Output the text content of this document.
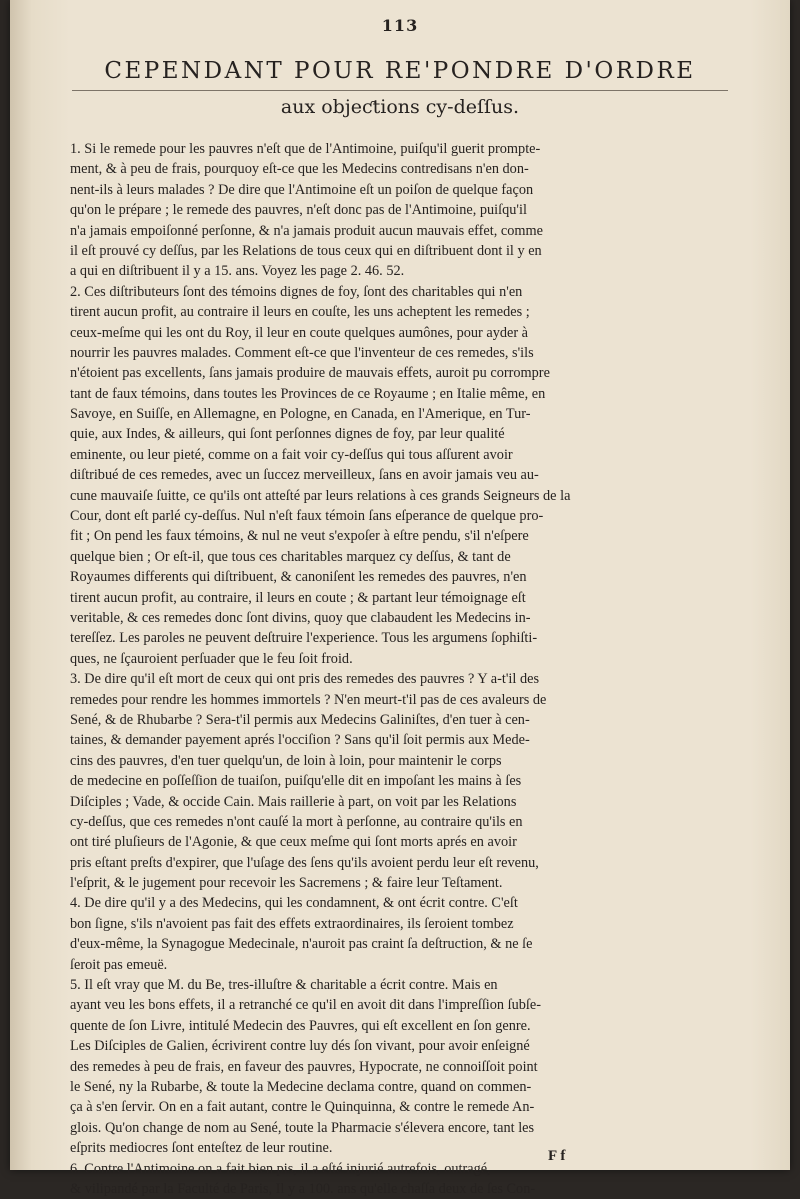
113
CEPENDANT POUR RE'PONDRE D'ORDRE
aux objeƈtions cy-deſſus.
1. Si le remede pour les pauvres n'eſt que de l'Antimoine, puiſqu'il guerit prompte-
ment, & à peu de frais, pourquoy eſt-ce que les Medecins contredisans n'en don-
nent-ils à leurs malades ? De dire que l'Antimoine eſt un poiſon de quelque façon
qu'on le prépare ; le remede des pauvres, n'eſt donc pas de l'Antimoine, puiſqu'il
n'a jamais empoiſonné perſonne, & n'a jamais produit aucun mauvais effet, comme
il eſt prouvé cy deſſus, par les Relations de tous ceux qui en diſtribuent dont il y en
a qui en diſtribuent il y a 15. ans. Voyez les page 2. 46. 52.
2. Ces diſtributeurs ſont des témoins dignes de foy, ſont des charitables qui n'en
tirent aucun profit, au contraire il leurs en couſte, les uns acheptent les remedes ;
ceux-meſme qui les ont du Roy, il leur en coute quelques aumônes, pour ayder à
nourrir les pauvres malades. Comment eſt-ce que l'inventeur de ces remedes, s'ils
n'étoient pas excellents, ſans jamais produire de mauvais effets, auroit pu corrompre
tant de faux témoins, dans toutes les Provinces de ce Royaume ; en Italie même, en
Savoye, en Suiſſe, en Allemagne, en Pologne, en Canada, en l'Amerique, en Tur-
quie, aux Indes, & ailleurs, qui ſont perſonnes dignes de foy, par leur qualité
eminente, ou leur pieté, comme on a fait voir cy-deſſus qui tous aſſurent avoir
diſtribué de ces remedes, avec un ſuccez merveilleux, ſans en avoir jamais veu au-
cune mauvaiſe ſuitte, ce qu'ils ont atteſté par leurs relations à ces grands Seigneurs de la
Cour, dont eſt parlé cy-deſſus. Nul n'eſt faux témoin ſans eſperance de quelque pro-
fit ; On pend les faux témoins, & nul ne veut s'expoſer à eſtre pendu, s'il n'eſpere
quelque bien ; Or eſt-il, que tous ces charitables marquez cy deſſus, & tant de
Royaumes differents qui diſtribuent, & canoniſent les remedes des pauvres, n'en
tirent aucun profit, au contraire, il leurs en coute ; & partant leur témoignage eſt
veritable, & ces remedes donc ſont divins, quoy que clabaudent les Medecins in-
tereſſez. Les paroles ne peuvent deſtruire l'experience. Tous les argumens ſophiſti-
ques, ne ſçauroient perſuader que le feu ſoit froid.
3. De dire qu'il eſt mort de ceux qui ont pris des remedes des pauvres ? Y a-t'il des
remedes pour rendre les hommes immortels ? N'en meurt-t'il pas de ces avaleurs de
Sené, & de Rhubarbe ? Sera-t'il permis aux Medecins Galiniſtes, d'en tuer à cen-
taines, & demander payement aprés l'occiſion ? Sans qu'il ſoit permis aux Mede-
cins des pauvres, d'en tuer quelqu'un, de loin à loin, pour maintenir le corps
de medecine en poſſeſſion de tuaiſon, puiſqu'elle dit en impoſant les mains à ſes
Diſciples ; Vade, & occide Cain. Mais raillerie à part, on voit par les Relations
cy-deſſus, que ces remedes n'ont cauſé la mort à perſonne, au contraire qu'ils en
ont tiré pluſieurs de l'Agonie, & que ceux meſme qui ſont morts aprés en avoir
pris eſtant preſts d'expirer, que l'uſage des ſens qu'ils avoient perdu leur eſt revenu,
l'eſprit, & le jugement pour recevoir les Sacremens ; & faire leur Teſtament.
4. De dire qu'il y a des Medecins, qui les condamnent, & ont écrit contre. C'eſt
bon ſigne, s'ils n'avoient pas fait des effets extraordinaires, ils ſeroient tombez
d'eux-même, la Synagogue Medecinale, n'auroit pas craint ſa deſtruction, & ne ſe
ſeroit pas emeuë.
5. Il eſt vray que M. du Be, tres-illuſtre & charitable a écrit contre. Mais en
ayant veu les bons effets, il a retranché ce qu'il en avoit dit dans l'impreſſion ſubſe-
quente de ſon Livre, intitulé Medecin des Pauvres, qui eſt excellent en ſon genre.
Les Diſciples de Galien, écrivirent contre luy dés ſon vivant, pour avoir enſeigné
des remedes à peu de frais, en faveur des pauvres, Hypocrate, ne connoiſſoit point
le Sené, ny la Rubarbe, & toute la Medecine declama contre, quand on commen-
ça à s'en ſervir. On en a fait autant, contre le Quinquinna, & contre le remede An-
glois. Qu'on change de nom au Sené, toute la Pharmacie s'élevera encore, tant les
eſprits mediocres ſont enteſtez de leur routine.
6. Contre l'Antimoine on a fait bien pis, il a eſté injurié autrefois, outragé,
& vilipandé par la Faculté de Paris, Il y a 100. ans qu'elle chaſſa deux de ſes Con-
F f
